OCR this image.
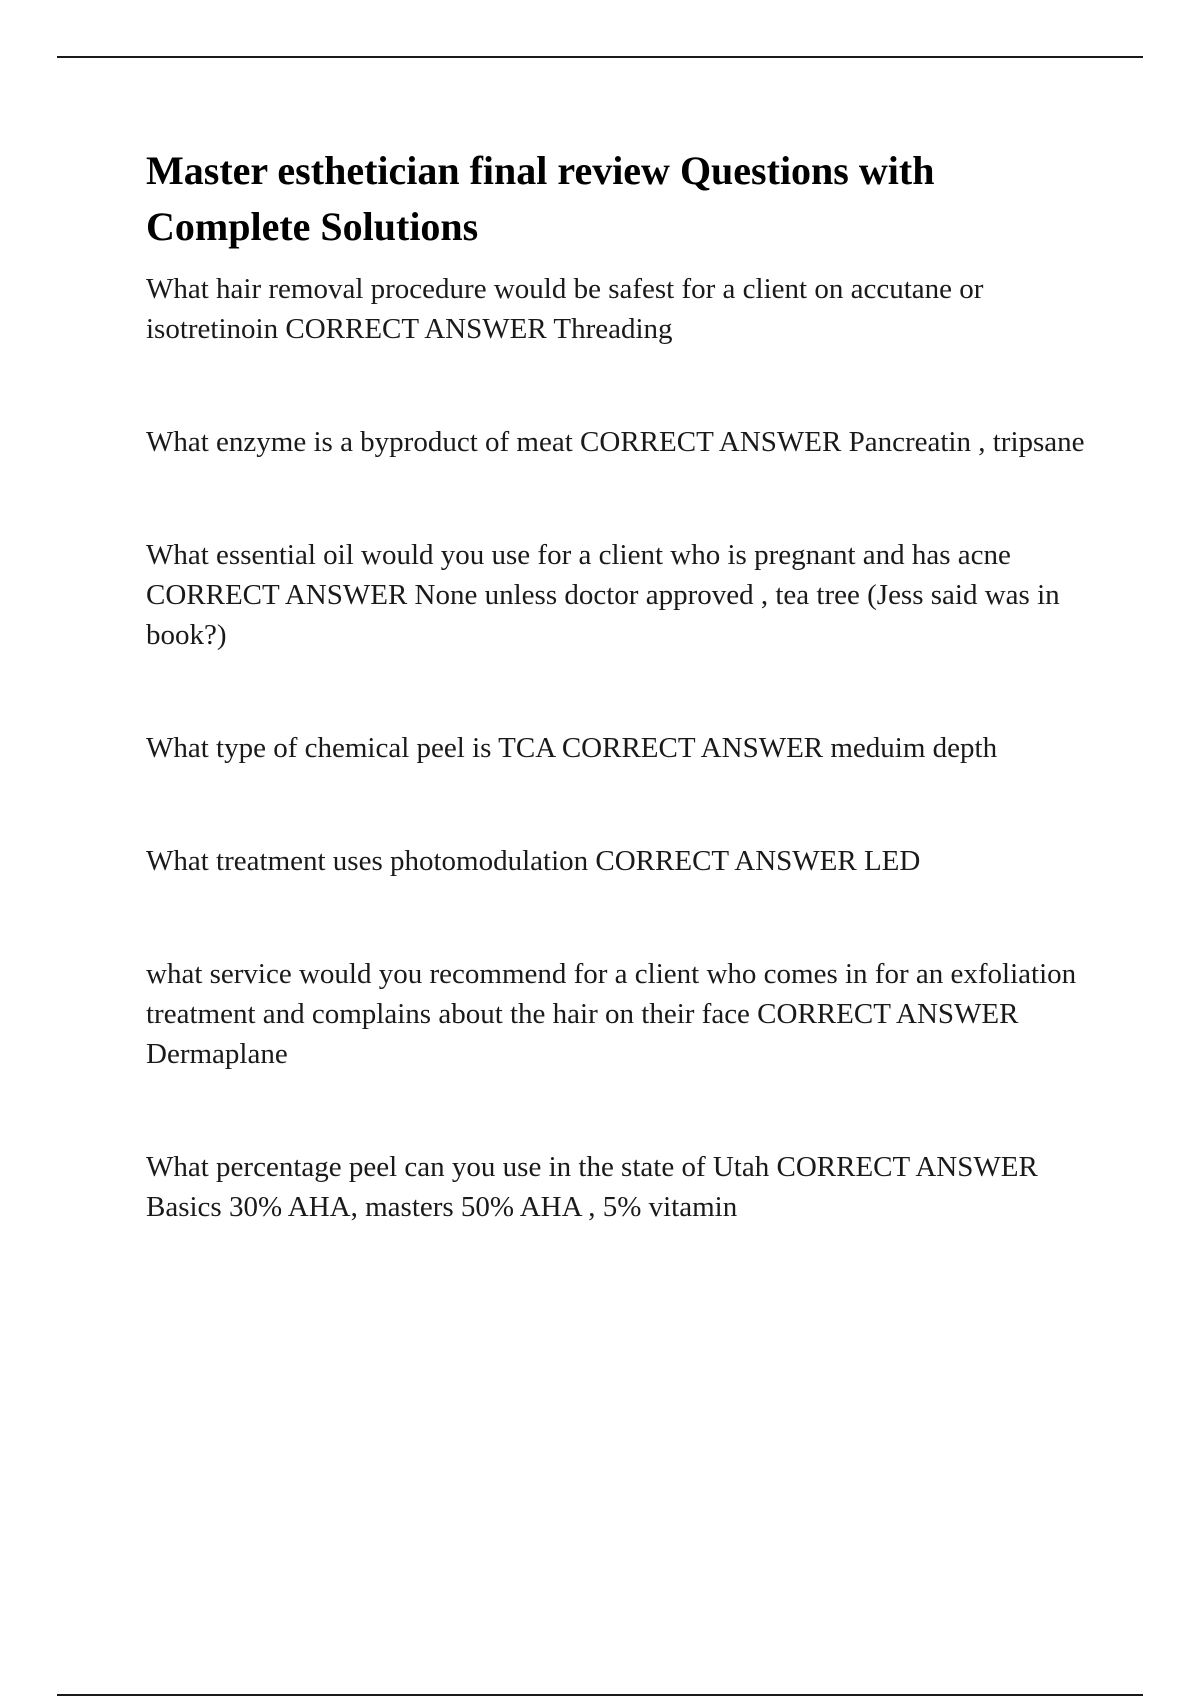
Master esthetician final review Questions with Complete Solutions
What hair removal procedure would be safest for a client on accutane or isotretinoin CORRECT ANSWER Threading
What enzyme is a byproduct of meat CORRECT ANSWER Pancreatin , tripsane
What essential oil would you use for a client who is pregnant and has acne CORRECT ANSWER None unless doctor approved , tea tree (Jess said was in book?)
What type of chemical peel is TCA CORRECT ANSWER meduim depth
What treatment uses photomodulation CORRECT ANSWER LED
what service would you recommend for a client who comes in for an exfoliation treatment and complains about the hair on their face CORRECT ANSWER Dermaplane
What percentage peel can you use in the state of Utah CORRECT ANSWER Basics 30% AHA, masters 50% AHA , 5% vitamin
